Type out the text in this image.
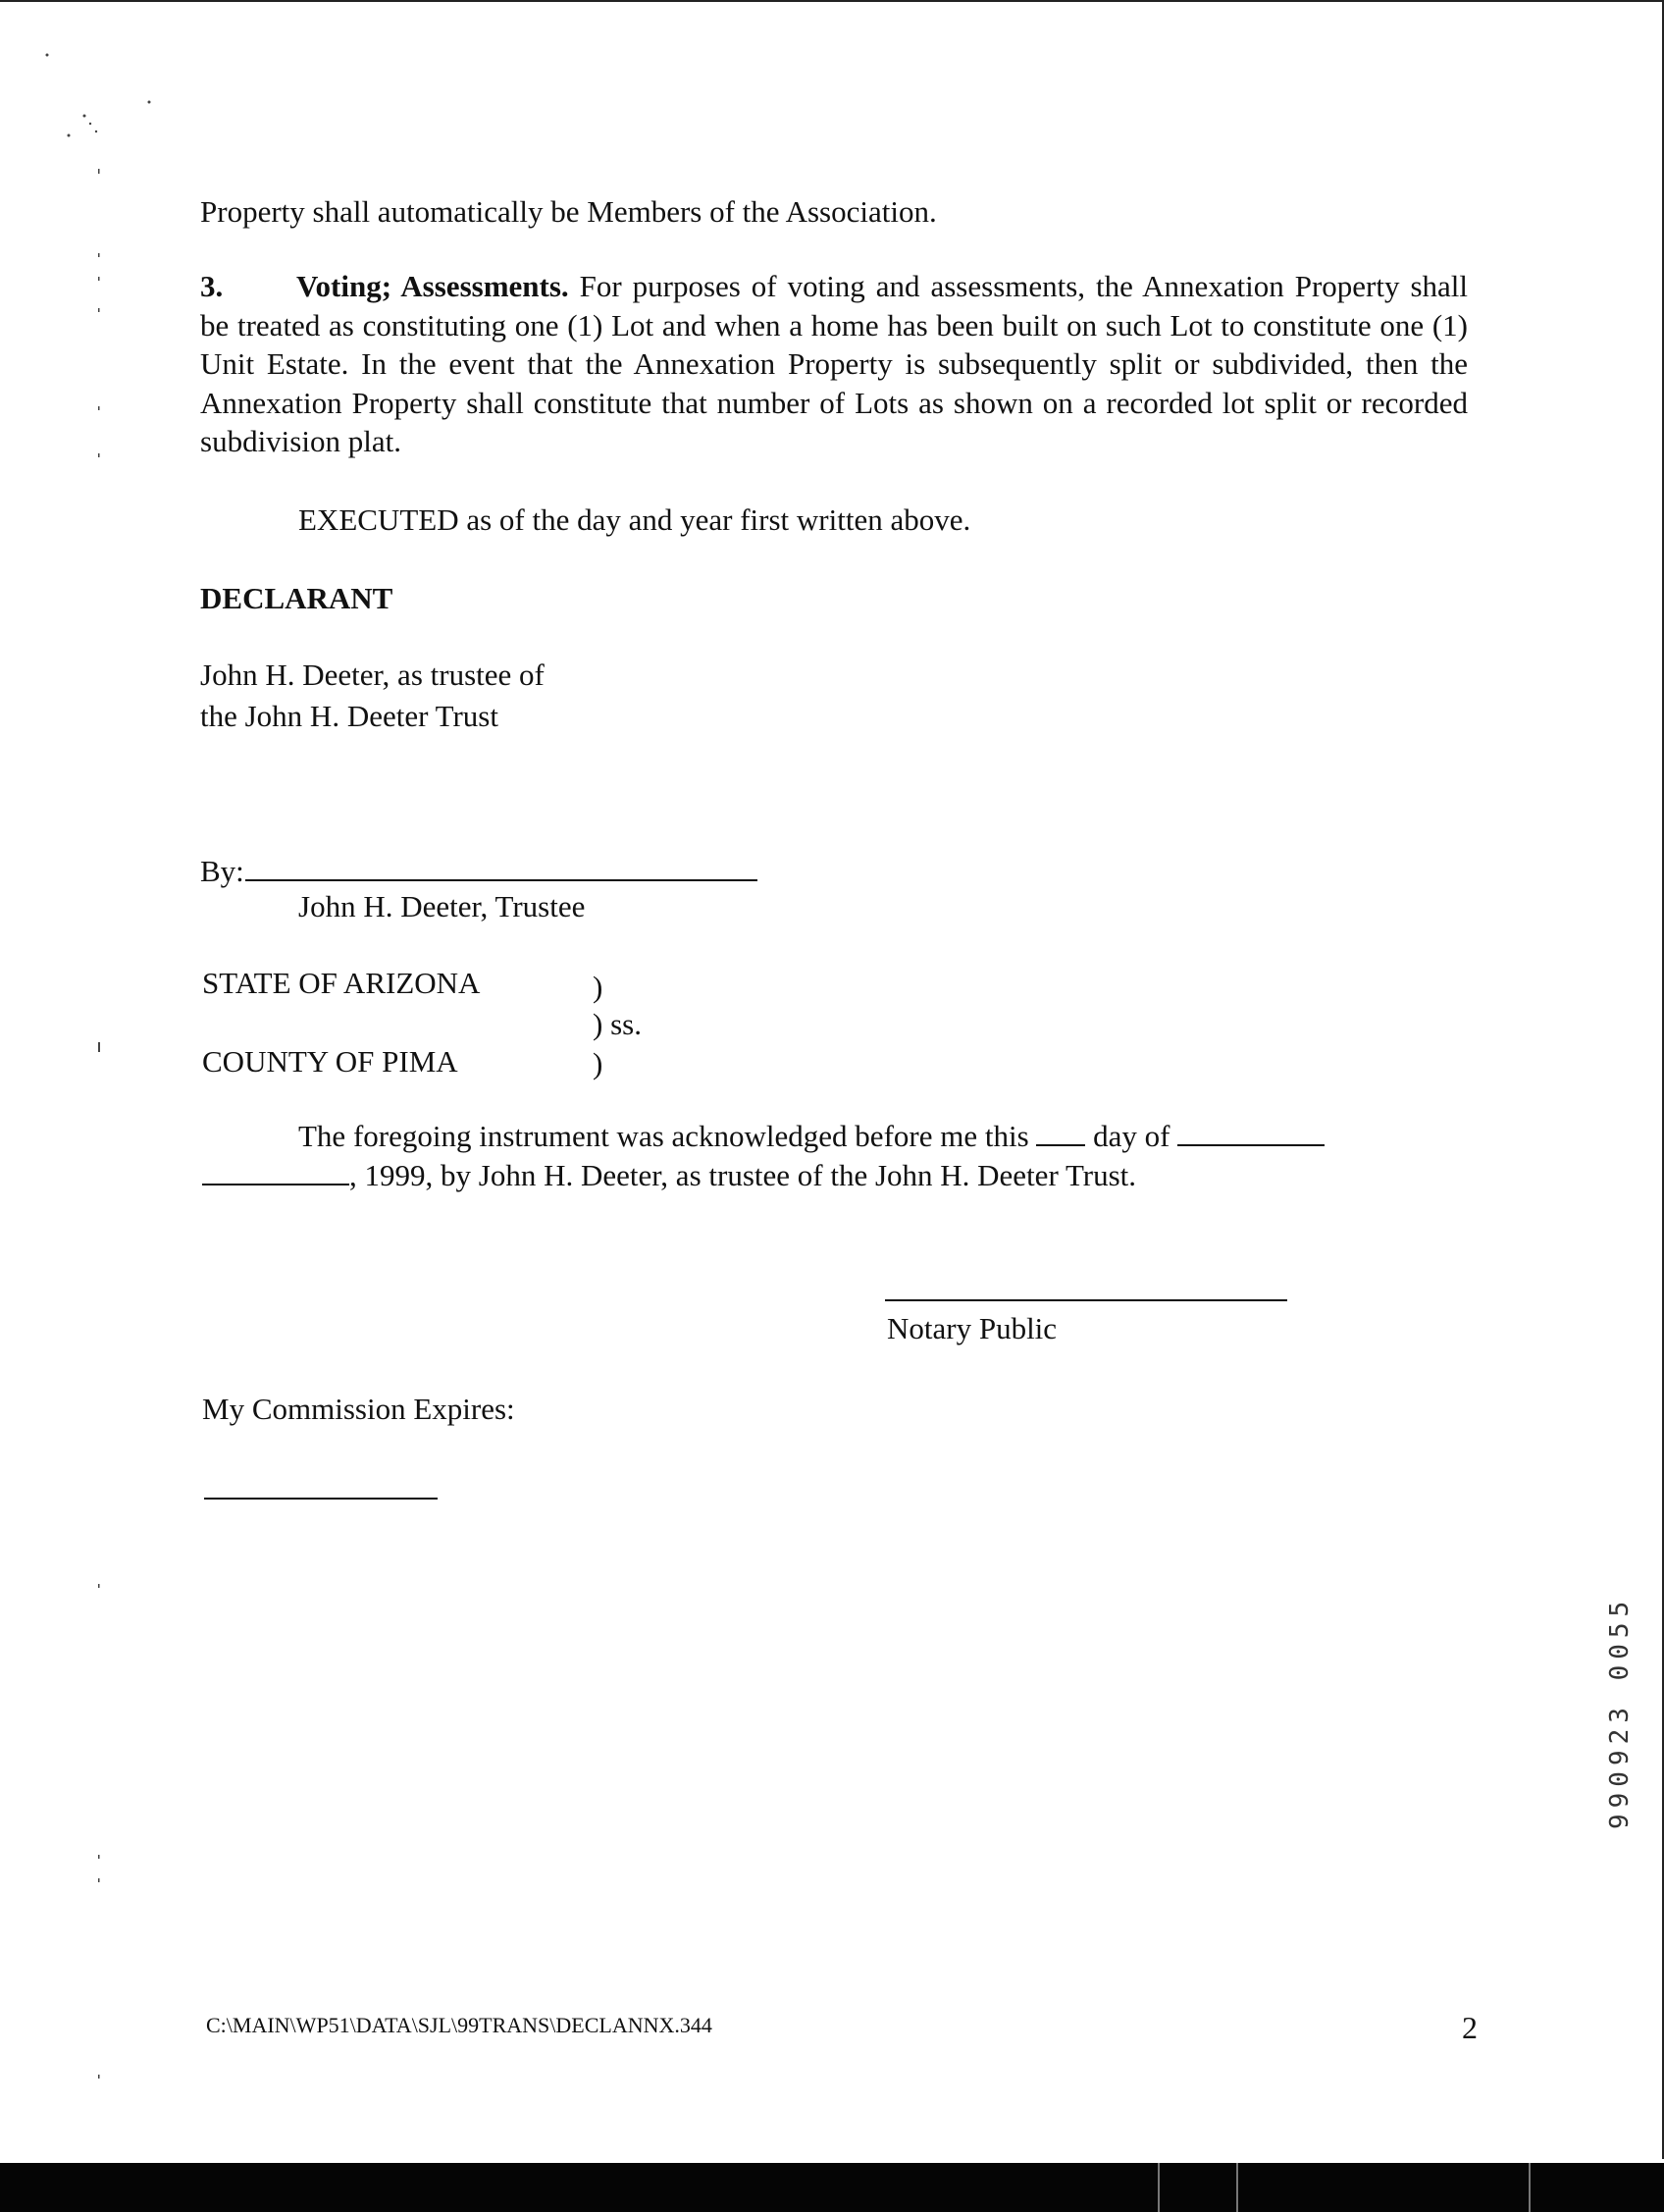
Property shall automatically be Members of the Association.

3. Voting; Assessments. For purposes of voting and assessments, the Annexation Property shall be treated as constituting one (1) Lot and when a home has been built on such Lot to constitute one (1) Unit Estate. In the event that the Annexation Property is subsequently split or subdivided, then the Annexation Property shall constitute that number of Lots as shown on a recorded lot split or recorded subdivision plat.

EXECUTED as of the day and year first written above.

DECLARANT

John H. Deeter, as trustee of

the John H. Deeter Trust

By:

John H. Deeter, Trustee

STATE OF ARIZONA	)

) ss.

COUNTY OF PIMA	)

The foregoing instrument was acknowledged before me this day of

, 1999, by John H. Deeter, as trustee of the John H. Deeter Trust.

Notary Public

My Commission Expires:

990923 0055

C:\MAIN\WP51\DATA\SJL\99TRANS\DECLANNX.344	2
